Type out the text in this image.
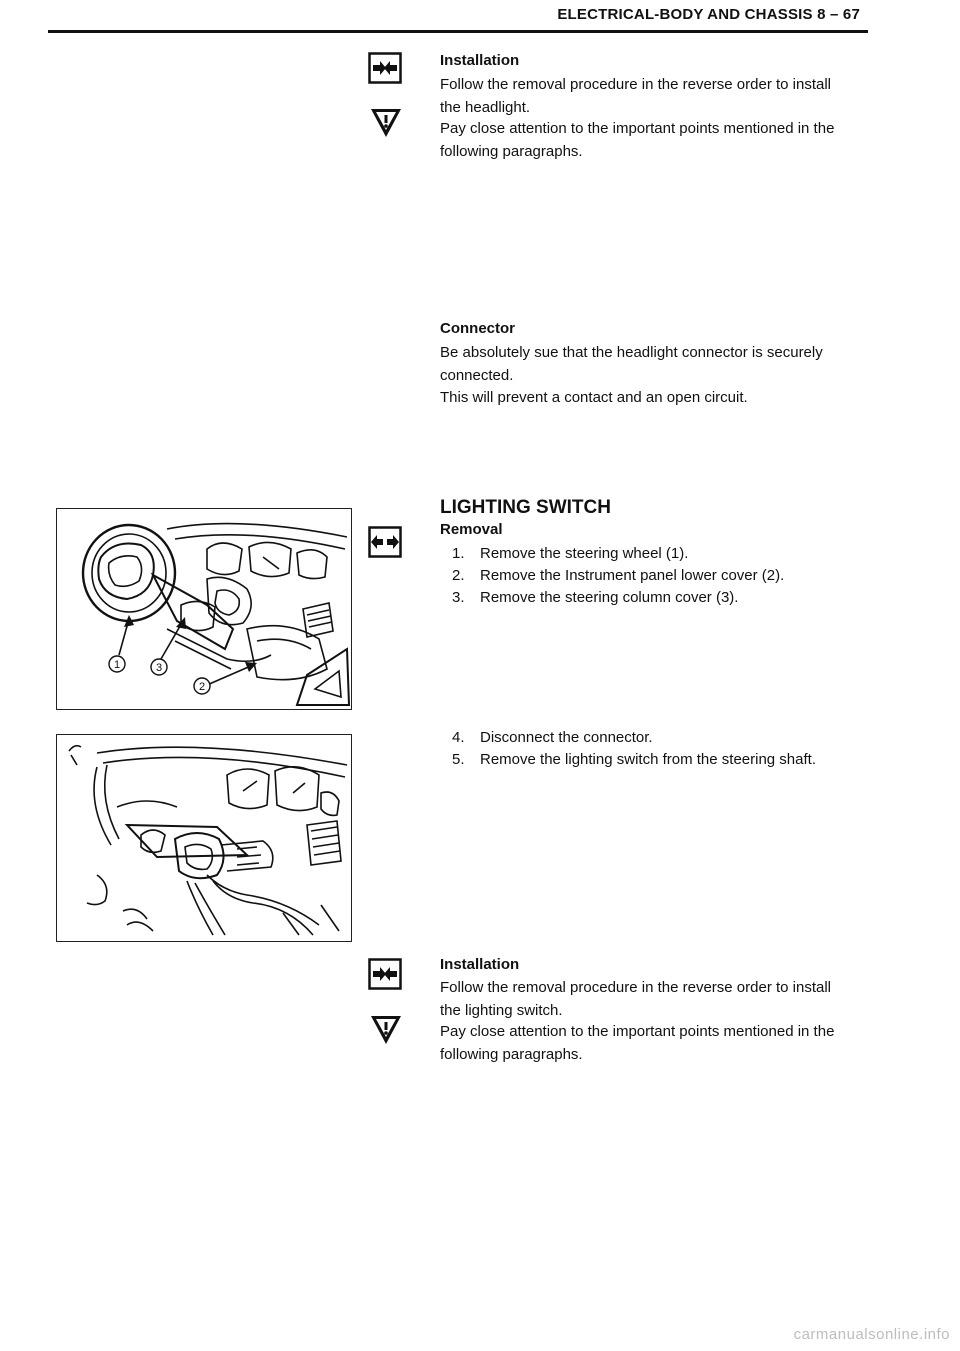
ELECTRICAL-BODY AND CHASSIS 8 – 67
Installation
Follow the removal procedure in the reverse order to install
the headlight.
Pay close attention to the important points mentioned in the
following paragraphs.
Connector
Be absolutely sue that the headlight connector is securely
connected.
This will prevent a contact and an open circuit.
LIGHTING SWITCH
Removal
1.	Remove the steering wheel (1).
2.	Remove the Instrument panel lower cover (2).
3.	Remove the steering column cover (3).
4.	Disconnect the connector.
5.	Remove the lighting switch from the steering shaft.
1	3
2
Installation
Follow the removal procedure in the reverse order to install
the lighting switch.
Pay close attention to the important points mentioned in the
following paragraphs.
carmanualsonline.info
